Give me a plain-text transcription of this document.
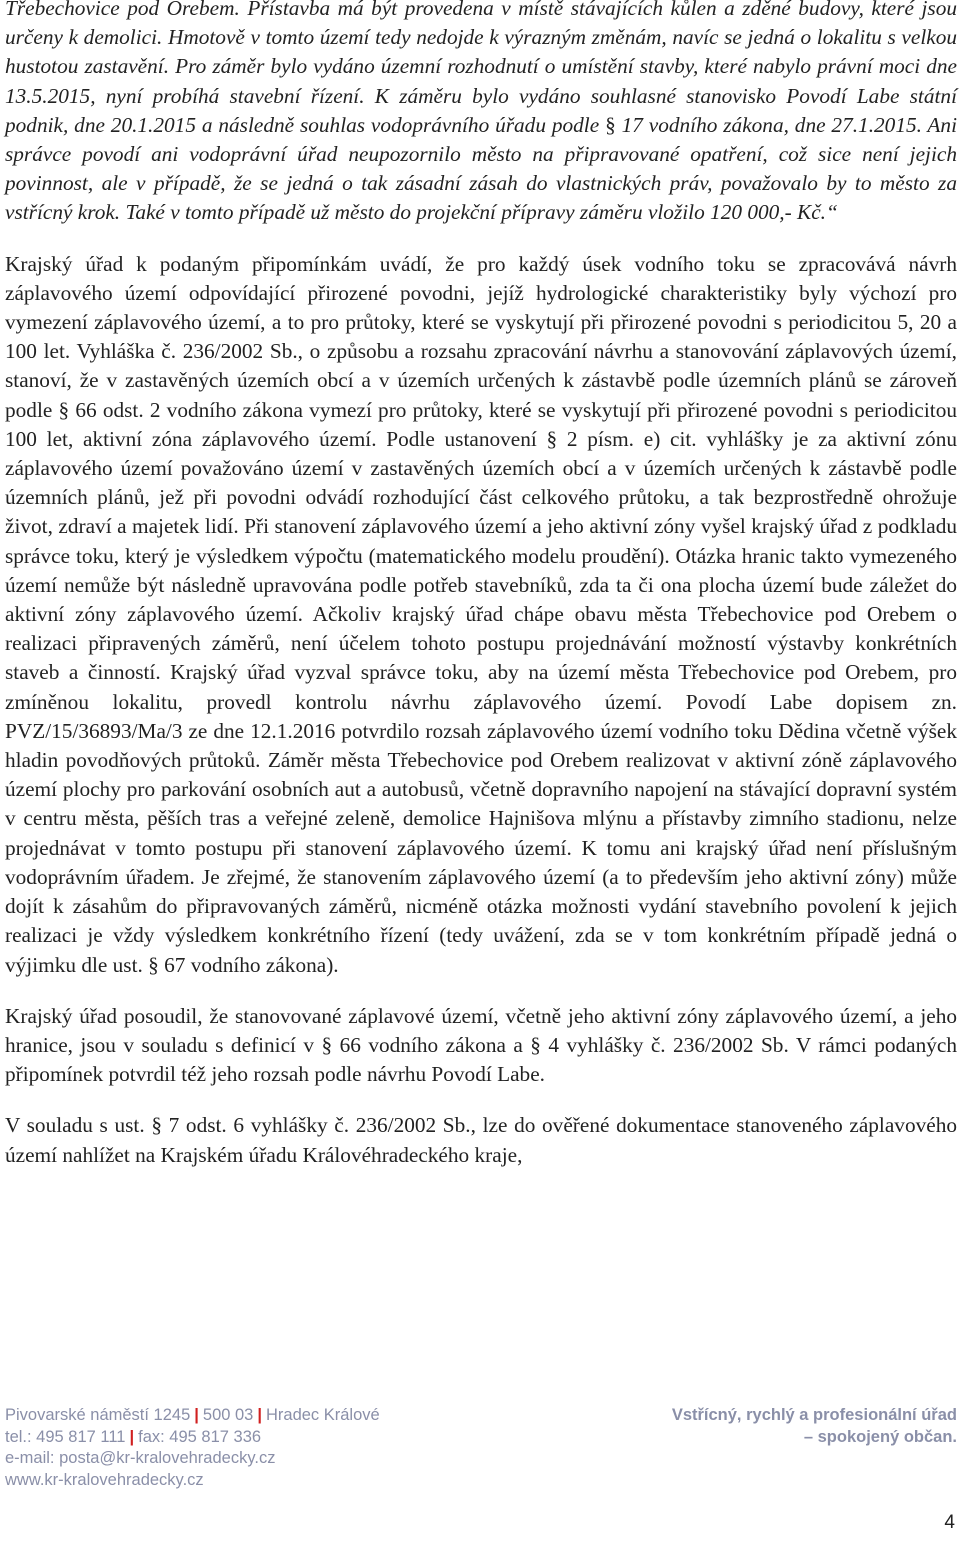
Třebechovice pod Orebem. Přístavba má být provedena v místě stávajících kůlen a zděné budovy, které jsou určeny k demolici. Hmotově v tomto území tedy nedojde k výrazným změnám, navíc se jedná o lokalitu s velkou hustotou zastavění. Pro záměr bylo vydáno územní rozhodnutí o umístění stavby, které nabylo právní moci dne 13.5.2015, nyní probíhá stavební řízení. K záměru bylo vydáno souhlasné stanovisko Povodí Labe státní podnik, dne 20.1.2015 a následně souhlas vodoprávního úřadu podle § 17 vodního zákona, dne 27.1.2015. Ani správce povodí ani vodoprávní úřad neupozornilo město na připravované opatření, což sice není jejich povinnost, ale v případě, že se jedná o tak zásadní zásah do vlastnických práv, považovalo by to město za vstřícný krok. Také v tomto případě už město do projekční přípravy záměru vložilo 120 000,- Kč.“

Krajský úřad k podaným připomínkám uvádí, že pro každý úsek vodního toku se zpracovává návrh záplavového území odpovídající přirozené povodni, jejíž hydrologické charakteristiky byly výchozí pro vymezení záplavového území, a to pro průtoky, které se vyskytují při přirozené povodni s periodicitou 5, 20 a 100 let. Vyhláška č. 236/2002 Sb., o způsobu a rozsahu zpracování návrhu a stanovování záplavových území, stanoví, že v zastavěných územích obcí a v územích určených k zástavbě podle územních plánů se zároveň podle § 66 odst. 2 vodního zákona vymezí pro průtoky, které se vyskytují při přirozené povodni s periodicitou 100 let, aktivní zóna záplavového území. Podle ustanovení § 2 písm. e) cit. vyhlášky je za aktivní zónu záplavového území považováno území v zastavěných územích obcí a v územích určených k zástavbě podle územních plánů, jež při povodni odvádí rozhodující část celkového průtoku, a tak bezprostředně ohrožuje život, zdraví a majetek lidí. Při stanovení záplavového území a jeho aktivní zóny vyšel krajský úřad z podkladu správce toku, který je výsledkem výpočtu (matematického modelu proudění). Otázka hranic takto vymezeného území nemůže být následně upravována podle potřeb stavebníků, zda ta či ona plocha území bude záležet do aktivní zóny záplavového území. Ačkoliv krajský úřad chápe obavu města Třebechovice pod Orebem o realizaci připravených záměrů, není účelem tohoto postupu projednávání možností výstavby konkrétních staveb a činností. Krajský úřad vyzval správce toku, aby na území města Třebechovice pod Orebem, pro zmíněnou lokalitu, provedl kontrolu návrhu záplavového území. Povodí Labe dopisem zn. PVZ/15/36893/Ma/3 ze dne 12.1.2016 potvrdilo rozsah záplavového území vodního toku Dědina včetně výšek hladin povodňových průtoků. Záměr města Třebechovice pod Orebem realizovat v aktivní zóně záplavového území plochy pro parkování osobních aut a autobusů, včetně dopravního napojení na stávající dopravní systém v centru města, pěších tras a veřejné zeleně, demolice Hajnišova mlýnu a přístavby zimního stadionu, nelze projednávat v tomto postupu při stanovení záplavového území. K tomu ani krajský úřad není příslušným vodoprávním úřadem. Je zřejmé, že stanovením záplavového území (a to především jeho aktivní zóny) může dojít k zásahům do připravovaných záměrů, nicméně otázka možnosti vydání stavebního povolení k jejich realizaci je vždy výsledkem konkrétního řízení (tedy uvážení, zda se v tom konkrétním případě jedná o výjimku dle ust. § 67 vodního zákona).

Krajský úřad posoudil, že stanovované záplavové území, včetně jeho aktivní zóny záplavového území, a jeho hranice, jsou v souladu s definicí v § 66 vodního zákona a § 4 vyhlášky č. 236/2002 Sb. V rámci podaných připomínek potvrdil též jeho rozsah podle návrhu Povodí Labe.

V souladu s ust. § 7 odst. 6 vyhlášky č. 236/2002 Sb., lze do ověřené dokumentace stanoveného záplavového území nahlížet na Krajském úřadu Královéhradeckého kraje,

Pivovarské náměstí 1245 | 500 03 | Hradec Králové
tel.: 495 817 111 | fax: 495 817 336
e-mail: posta@kr-kralovehradecky.cz
www.kr-kralovehradecky.cz
Vstřícný, rychlý a profesionální úřad
– spokojený občan.
4
